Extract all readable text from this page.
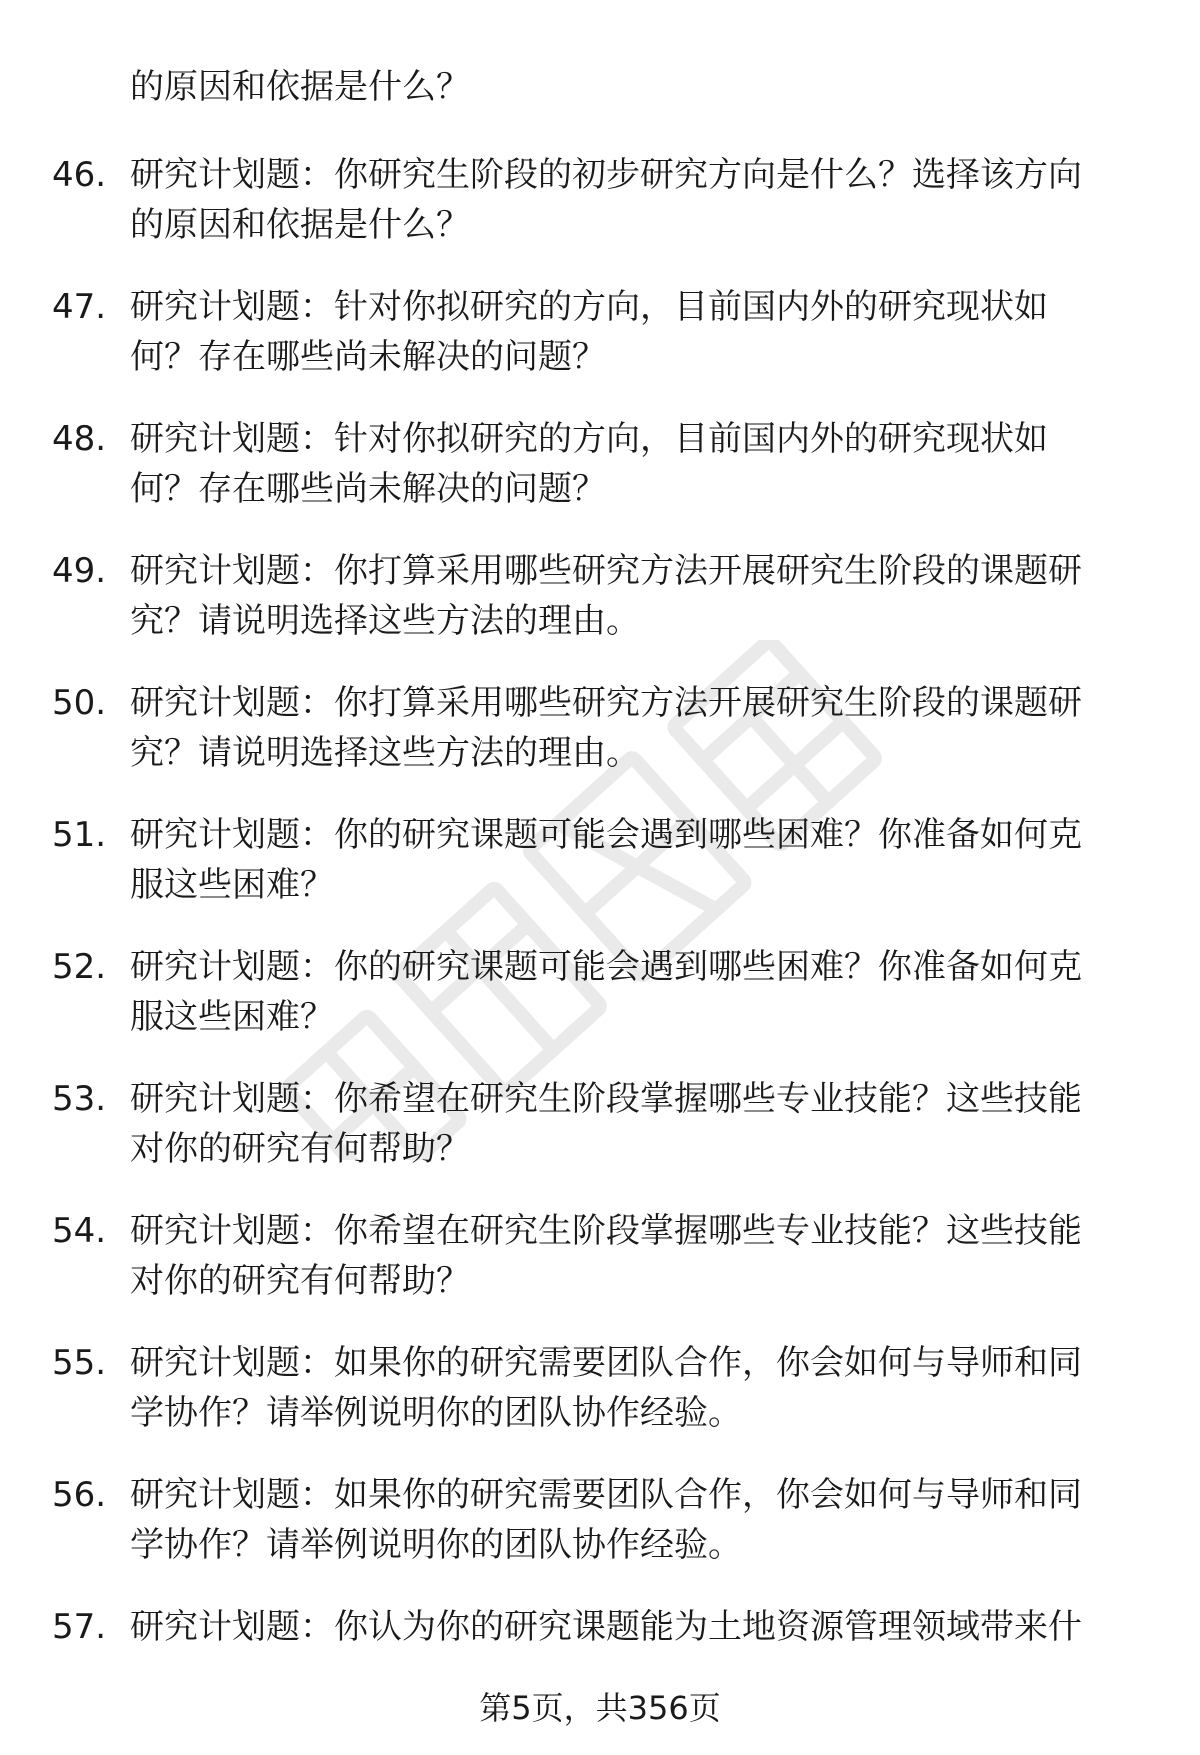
的原因和依据是什么？
46. 研究计划题：你研究生阶段的初步研究方向是什么？选择该方向
的原因和依据是什么？
47. 研究计划题：针对你拟研究的方向，目前国内外的研究现状如
何？存在哪些尚未解决的问题？
48. 研究计划题：针对你拟研究的方向，目前国内外的研究现状如
何？存在哪些尚未解决的问题？
49. 研究计划题：你打算采用哪些研究方法开展研究生阶段的课题研
究？请说明选择这些方法的理由。
50. 研究计划题：你打算采用哪些研究方法开展研究生阶段的课题研
究？请说明选择这些方法的理由。
51. 研究计划题：你的研究课题可能会遇到哪些困难？你准备如何克
服这些困难？
52. 研究计划题：你的研究课题可能会遇到哪些困难？你准备如何克
服这些困难？
53. 研究计划题：你希望在研究生阶段掌握哪些专业技能？这些技能
对你的研究有何帮助？
54. 研究计划题：你希望在研究生阶段掌握哪些专业技能？这些技能
对你的研究有何帮助？
55. 研究计划题：如果你的研究需要团队合作，你会如何与导师和同
学协作？请举例说明你的团队协作经验。
56. 研究计划题：如果你的研究需要团队合作，你会如何与导师和同
学协作？请举例说明你的团队协作经验。
57. 研究计划题：你认为你的研究课题能为土地资源管理领域带来什
第5页，共356页
